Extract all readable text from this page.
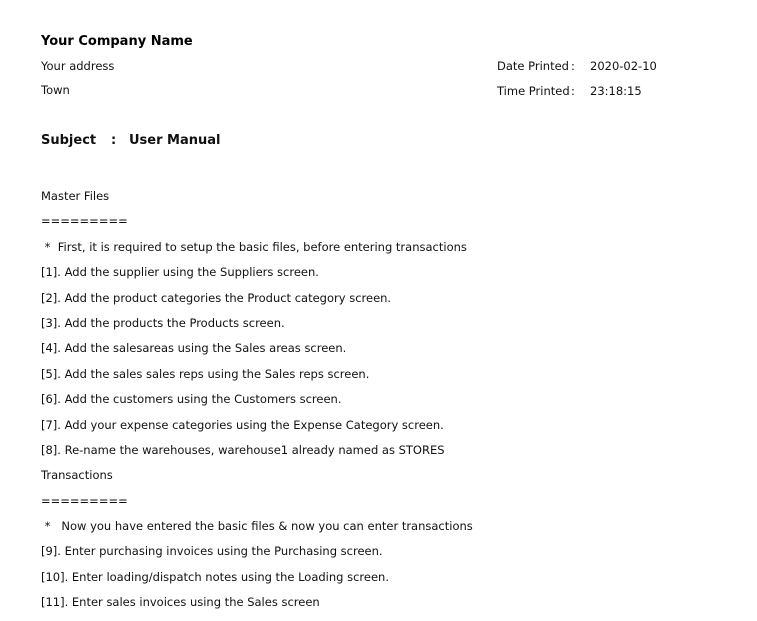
Your Company Name
Your address
Town
Date Printed : 2020-02-10
Time Printed : 23:18:15
Subject : User Manual
Master Files
=========
*  First, it is required to setup the basic files, before entering transactions
[1]. Add the supplier using the Suppliers screen.
[2]. Add the product categories the Product category screen.
[3]. Add the products the Products screen.
[4]. Add the salesareas using the Sales areas screen.
[5]. Add the sales sales reps using the Sales reps screen.
[6]. Add the customers using the Customers screen.
[7]. Add your expense categories using the Expense Category screen.
[8]. Re-name the warehouses, warehouse1 already named as STORES
Transactions
=========
*   Now you have entered the basic files & now you can enter transactions
[9]. Enter purchasing invoices using the Purchasing screen.
[10]. Enter loading/dispatch notes using the Loading screen.
[11]. Enter sales invoices using the Sales screen
